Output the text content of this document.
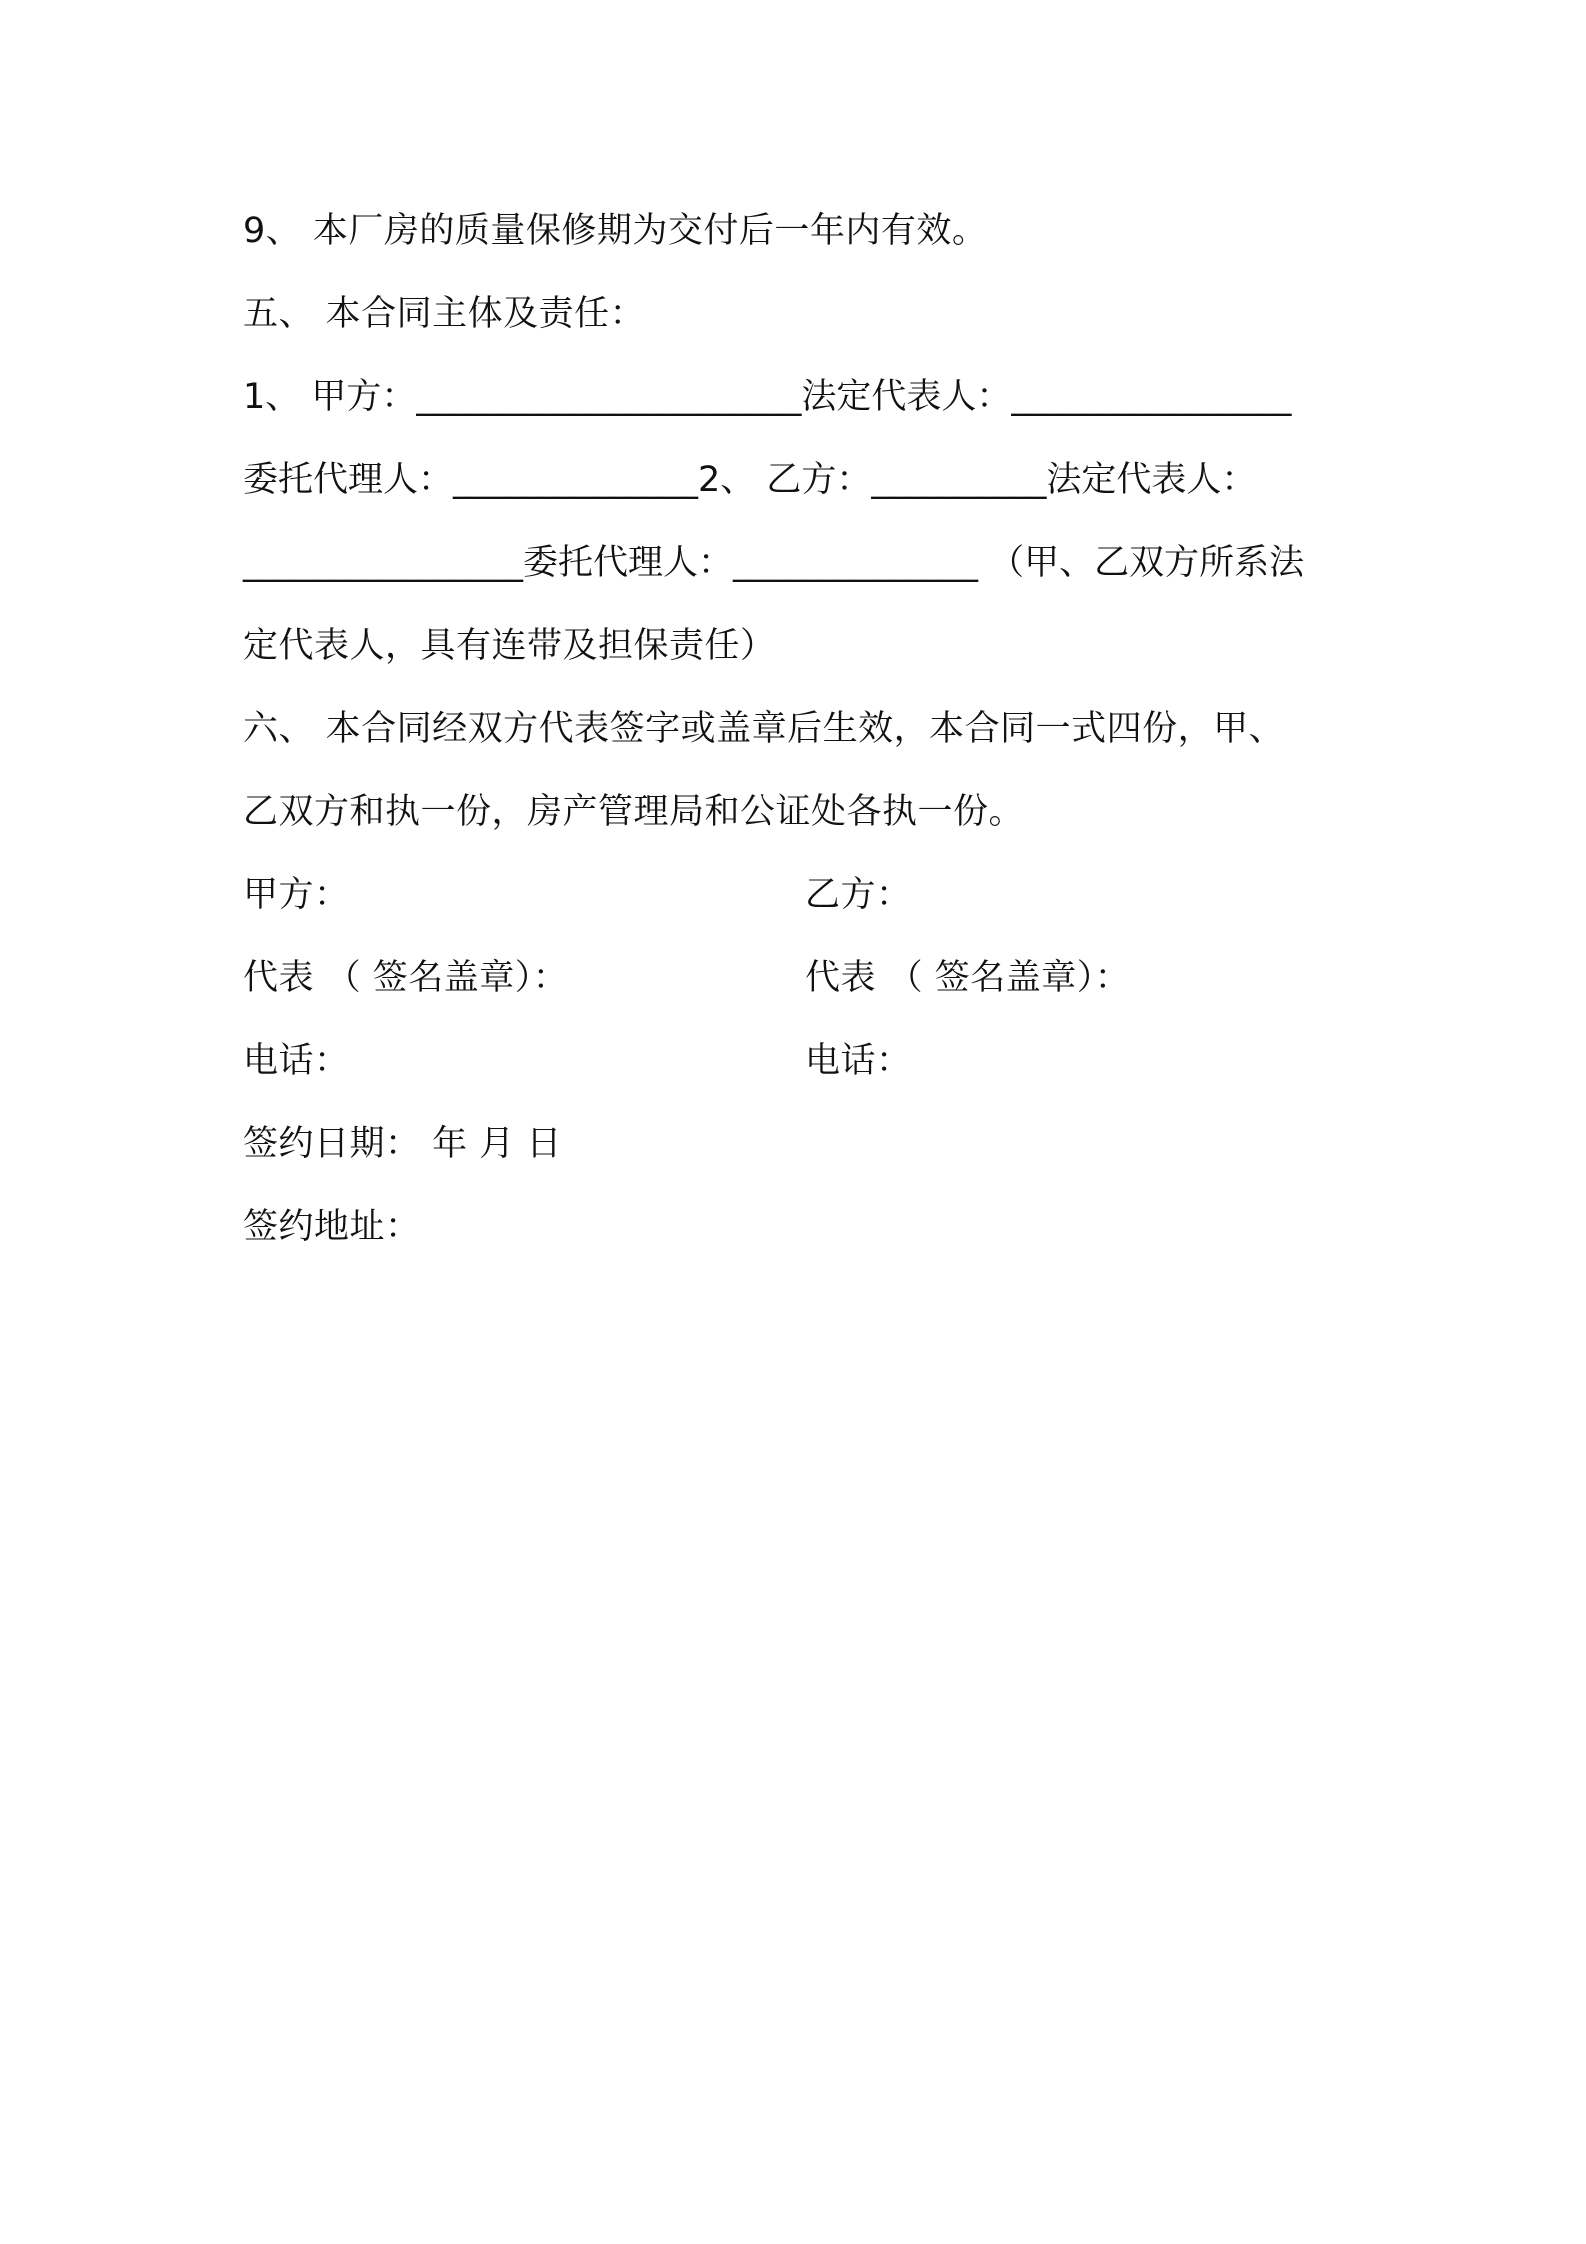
9、 本厂房的质量保修期为交付后一年内有效。
五、 本合同主体及责任：
1、 甲方：______________________法定代表人：________________
委托代理人：______________2、 乙方：__________法定代表人：
________________委托代理人：______________ （甲、乙双方所系法
定代表人，具有连带及担保责任）
六、 本合同经双方代表签字或盖章后生效，本合同一式四份，甲、
乙双方和执一份，房产管理局和公证处各执一份。
甲方：	乙方：
代表 （ 签名盖章）：	代表 （ 签名盖章）：
电话：	电话：
签约日期： 年 月 日
签约地址：
